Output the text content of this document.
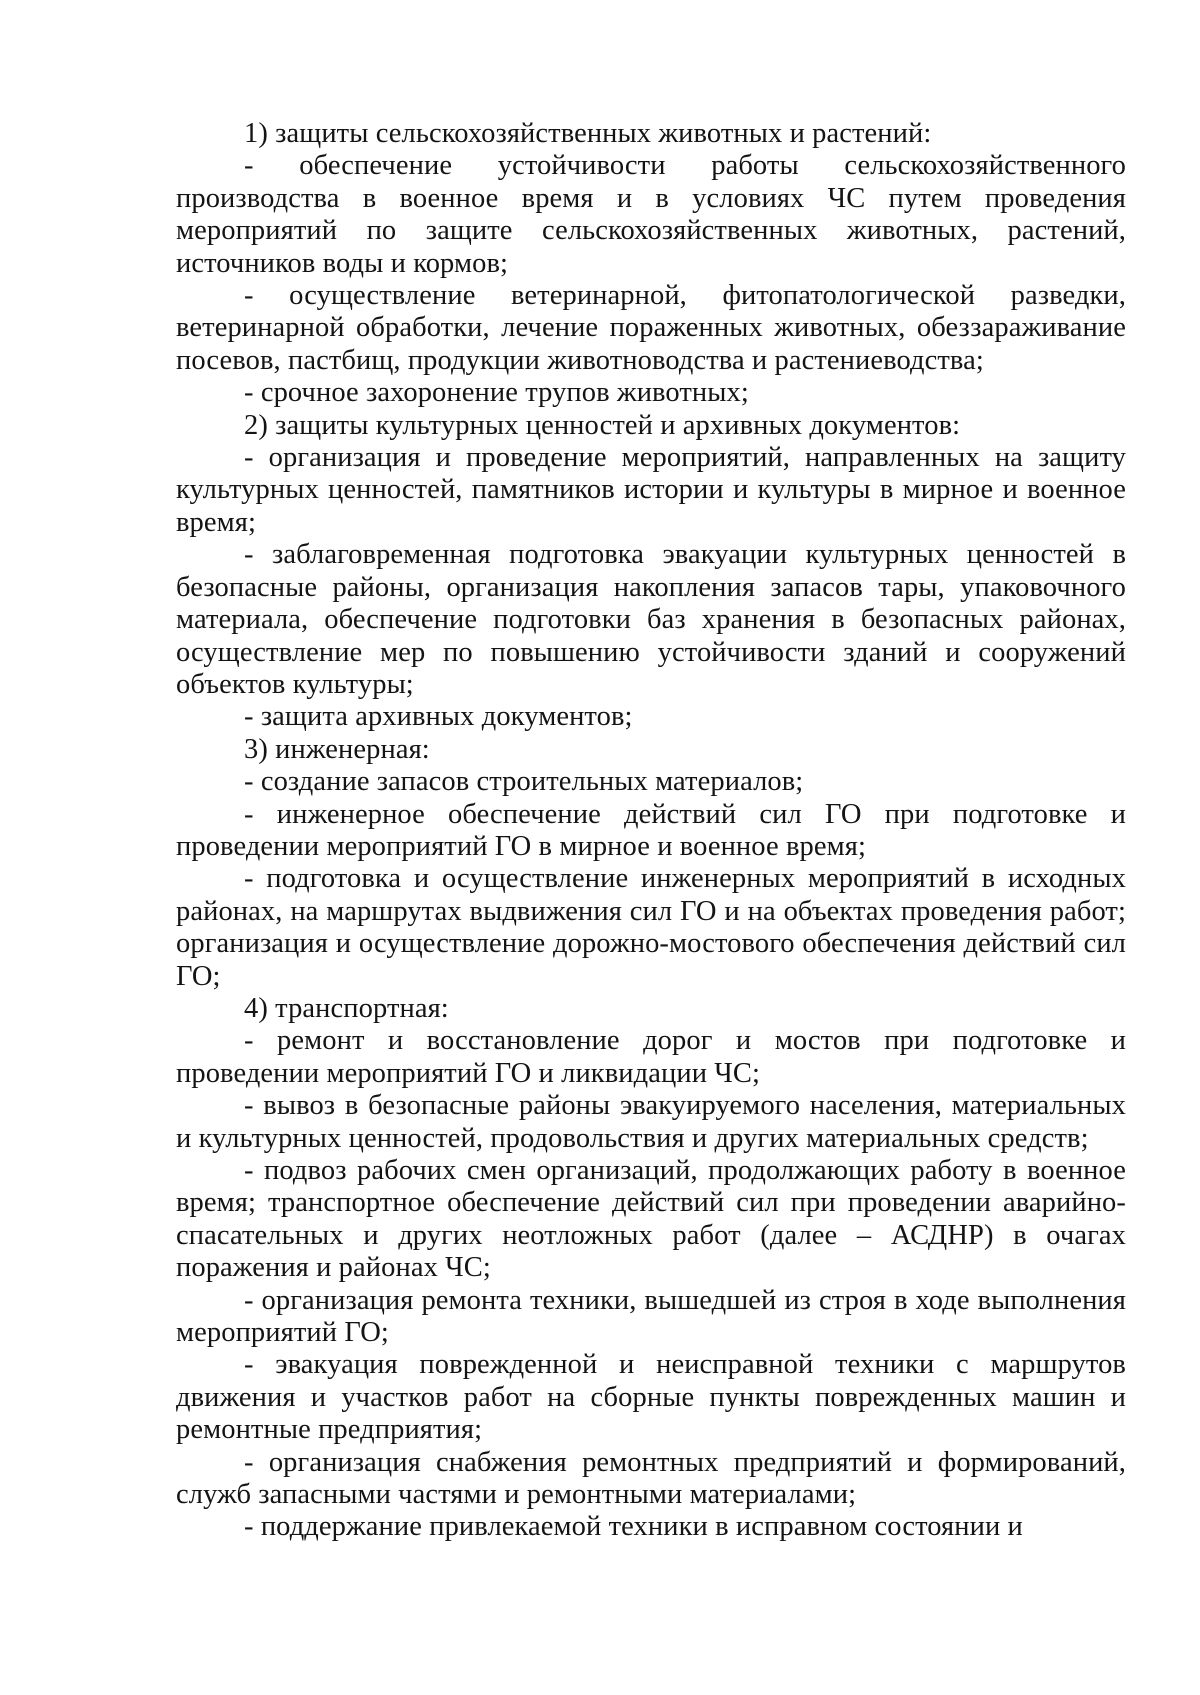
1) защиты сельскохозяйственных животных и растений:

- обеспечение устойчивости работы сельскохозяйственного производства в военное время и в условиях ЧС путем проведения мероприятий по защите сельскохозяйственных животных, растений, источников воды и кормов;

- осуществление ветеринарной, фитопатологической разведки, ветеринарной обработки, лечение пораженных животных, обеззараживание посевов, пастбищ, продукции животноводства и растениеводства;

- срочное захоронение трупов животных;

2) защиты культурных ценностей и архивных документов:

- организация и проведение мероприятий, направленных на защиту культурных ценностей, памятников истории и культуры в мирное и военное время;

- заблаговременная подготовка эвакуации культурных ценностей в безопасные районы, организация накопления запасов тары, упаковочного материала, обеспечение подготовки баз хранения в безопасных районах, осуществление мер по повышению устойчивости зданий и сооружений объектов культуры;

- защита архивных документов;

3) инженерная:

- создание запасов строительных материалов;

- инженерное обеспечение действий сил ГО при подготовке и проведении мероприятий ГО в мирное и военное время;

- подготовка и осуществление инженерных мероприятий в исходных районах, на маршрутах выдвижения сил ГО и на объектах проведения работ; организация и осуществление дорожно-мостового обеспечения действий сил ГО;

4) транспортная:

- ремонт и восстановление дорог и мостов при подготовке и проведении мероприятий ГО и ликвидации ЧС;

- вывоз в безопасные районы эвакуируемого населения, материальных и культурных ценностей, продовольствия и других материальных средств;

- подвоз рабочих смен организаций, продолжающих работу в военное время; транспортное обеспечение действий сил при проведении аварийно-спасательных и других неотложных работ (далее – АСДНР) в очагах поражения и районах ЧС;

- организация ремонта техники, вышедшей из строя в ходе выполнения мероприятий ГО;

- эвакуация поврежденной и неисправной техники с маршрутов движения и участков работ на сборные пункты поврежденных машин и ремонтные предприятия;

- организация снабжения ремонтных предприятий и формирований, служб запасными частями и ремонтными материалами;

- поддержание привлекаемой техники в исправном состоянии и
